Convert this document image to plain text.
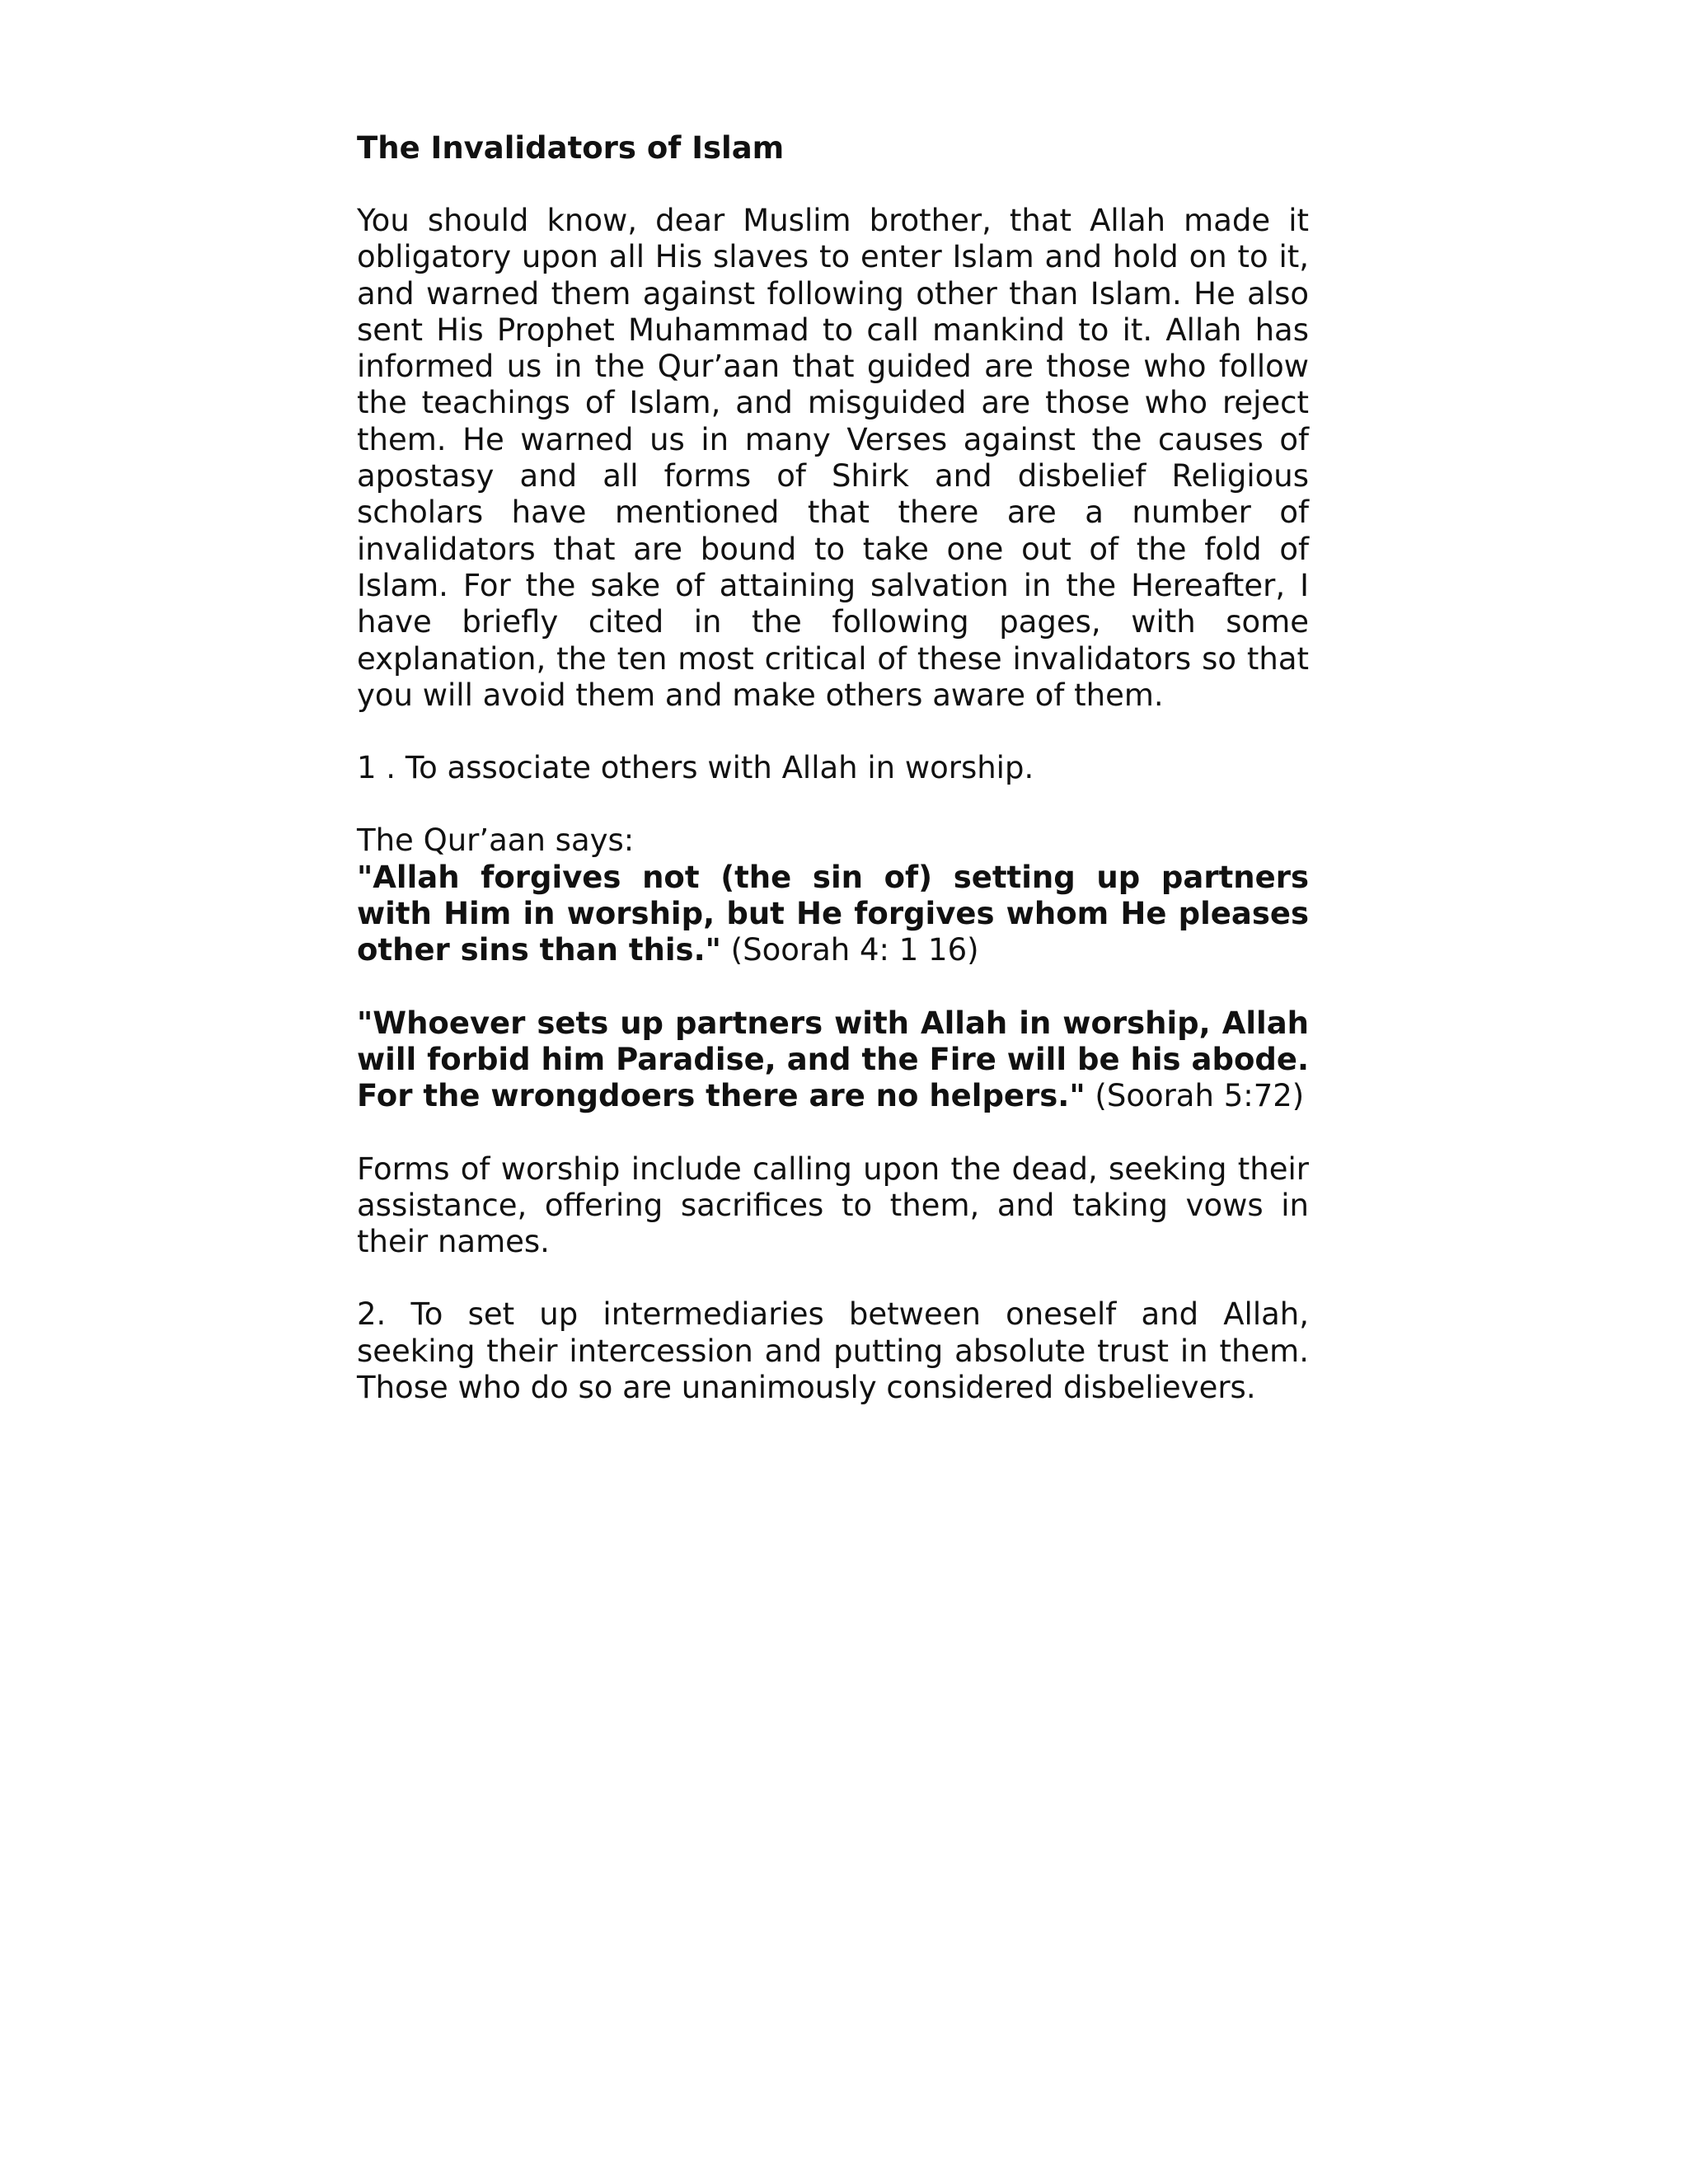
The Invalidators of Islam

You should know, dear Muslim brother, that Allah made it obligatory upon all His slaves to enter Islam and hold on to it, and warned them against following other than Islam. He also sent His Prophet Muhammad to call mankind to it. Allah has informed us in the Qur’aan that guided are those who follow the teachings of Islam, and misguided are those who reject them. He warned us in many Verses against the causes of apostasy and all forms of Shirk and disbelief Religious scholars have mentioned that there are a number of invalidators that are bound to take one out of the fold of Islam. For the sake of attaining salvation in the Hereafter, I have briefly cited in the following pages, with some explanation, the ten most critical of these invalidators so that you will avoid them and make others aware of them.

1 . To associate others with Allah in worship.

The Qur’aan says:

"Allah forgives not (the sin of) setting up partners with Him in worship, but He forgives whom He pleases other sins than this." (Soorah 4: 1 16)

"Whoever sets up partners with Allah in worship, Allah will forbid him Paradise, and the Fire will be his abode. For the wrongdoers there are no helpers." (Soorah 5:72)

Forms of worship include calling upon the dead, seeking their assistance, offering sacrifices to them, and taking vows in their names.

2. To set up intermediaries between oneself and Allah, seeking their intercession and putting absolute trust in them. Those who do so are unanimously considered disbelievers.
